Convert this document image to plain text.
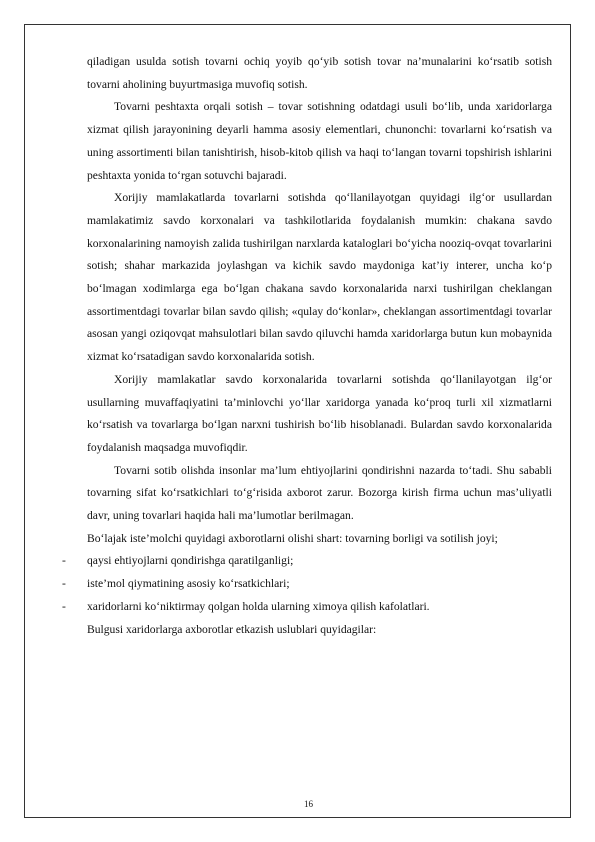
qiladigan usulda sotish tovarni ochiq yoyib qo‘yib sotish tovar na’munalarini ko‘rsatib sotish tovarni aholining buyurtmasiga muvofiq sotish.

Tovarni peshtaxta orqali sotish – tovar sotishning odatdagi usuli bo‘lib, unda xaridorlarga xizmat qilish jarayonining deyarli hamma asosiy elementlari, chunonchi: tovarlarni ko‘rsatish va uning assortimenti bilan tanishtirish, hisob-kitob qilish va haqi to‘langan tovarni topshirish ishlarini peshtaxta yonida to‘rgan sotuvchi bajaradi.

Xorijiy mamlakatlarda tovarlarni sotishda qo‘llanilayotgan quyidagi ilg‘or usullardan mamlakatimiz savdo korxonalari va tashkilotlarida foydalanish mumkin: chakana savdo korxonalarining namoyish zalida tushirilgan narxlarda kataloglari bo‘yicha nooziq-ovqat tovarlarini sotish; shahar markazida joylashgan va kichik savdo maydoniga kat’iy interer, uncha ko‘p bo‘lmagan xodimlarga ega bo‘lgan chakana savdo korxonalarida narxi tushirilgan cheklangan assortimentdagi tovarlar bilan savdo qilish; «qulay do‘konlar», cheklangan assortimentdagi tovarlar asosan yangi oziqovqat mahsulotlari bilan savdo qiluvchi hamda xaridorlarga butun kun mobaynida xizmat ko‘rsatadigan savdo korxonalarida sotish.

Xorijiy mamlakatlar savdo korxonalarida tovarlarni sotishda qo‘llanilayotgan ilg‘or usullarning muvaffaqiyatini ta’minlovchi yo‘llar xaridorga yanada ko‘proq turli xil xizmatlarni ko‘rsatish va tovarlarga bo‘lgan narxni tushirish bo‘lib hisoblanadi. Bulardan savdo korxonalarida foydalanish maqsadga muvofiqdir.

Tovarni sotib olishda insonlar ma’lum ehtiyojlarini qondirishni nazarda to‘tadi. Shu sababli tovarning sifat ko‘rsatkichlari to‘g‘risida axborot zarur. Bozorga kirish firma uchun mas’uliyatli davr, uning tovarlari haqida hali ma’lumotlar berilmagan.

Bo‘lajak iste’molchi quyidagi axborotlarni olishi shart: tovarning borligi va sotilish joyi;

- qaysi ehtiyojlarni qondirishga qaratilganligi;
- iste’mol qiymatining asosiy ko‘rsatkichlari;
- xaridorlarni ko‘niktirmay qolgan holda ularning ximoya qilish kafolatlari.

Bulgusi xaridorlarga axborotlar etkazish uslublari quyidagilar:

16
